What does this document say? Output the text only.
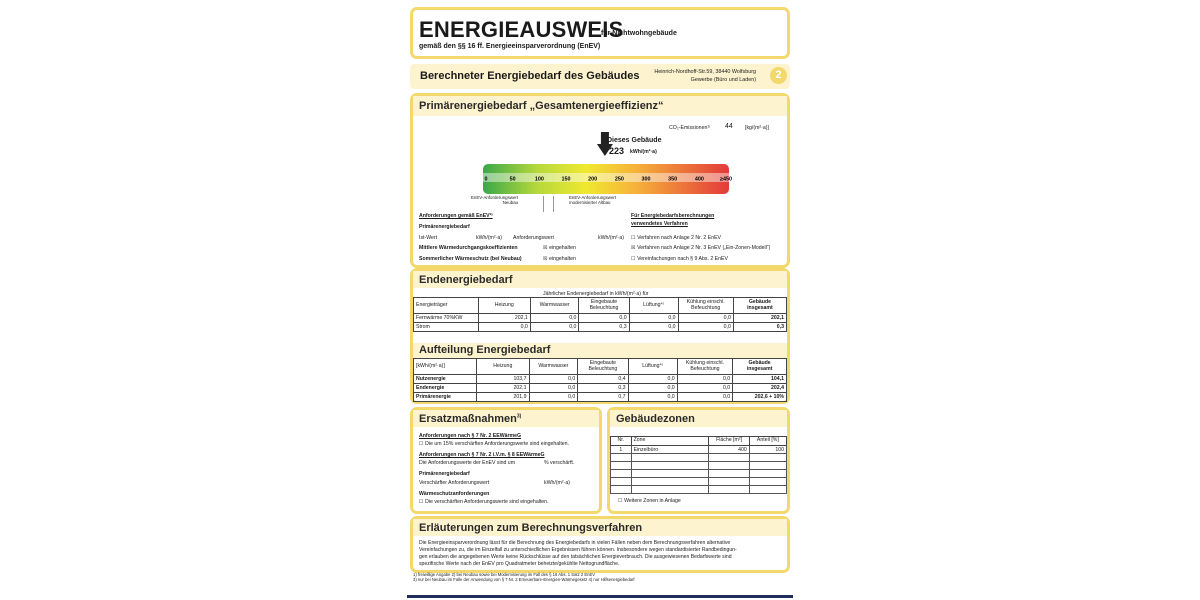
ENERGIEAUSWEIS
für Nichtwohngebäude
gemäß den §§ 16 ff. Energieeinsparverordnung (EnEV)
Berechneter Energiebedarf des Gebäudes	Heinrich-Nordhoff-Str.59, 38440 Wolfsburg
Gewerbe (Büro und Laden)	2
Primärenergiebedarf „Gesamtenergieeffizienz“
CO₂-Emissionen¹⁾ 44 [kg/(m²·a)]
0	50	100	150	200	250	300	350	400	≥450
Dieses Gebäude
223 kWh/(m²·a)
EnEV-Anforderungswert
Neubau
EnEV-Anforderungswert
modernisierter Altbau
Anforderungen gemäß EnEV²⁾
Primärenergiebedarf
Ist-Wert	kWh/(m²·a) Anforderungswert	kWh/(m²·a)
Mittlere Wärmedurchgangskoeffizienten	☒ eingehalten
Sommerlicher Wärmeschutz (bei Neubau)	☒ eingehalten
Für Energiebedarfsberechnungen
verwendetes Verfahren
☐ Verfahren nach Anlage 2 Nr. 2 EnEV
☒ Verfahren nach Anlage 2 Nr. 3 EnEV („Ein-Zonen-Modell“)
☐ Vereinfachungen nach § 9 Abs. 2 EnEV
Endenergiebedarf
Jährlicher Endenergiebedarf in kWh/(m²·a) für
Energieträger	Heizung	Warmwasser	Eingebaute Beleuchtung	Lüftung⁴⁾	Kühlung einschl. Befeuchtung	Gebäude insgesamt
Fernwärme 70%KW	202,1	0,0	0,0	0,0	0,0	202,1
Strom	0,0	0,0	0,3	0,0	0,0	0,3
Aufteilung Energiebedarf
[kWh/(m²·a)]	Heizung	Warmwasser	Eingebaute Beleuchtung	Lüftung⁴⁾	Kühlung einschl. Befeuchtung	Gebäude insgesamt
Nutzenergie	103,7	0,0	0,4	0,0	0,0	104,1
Endenergie	202,1	0,0	0,3	0,0	0,0	202,4
Primärenergie	201,9	0,0	0,7	0,0	0,0	202,6 + 10%
Ersatzmaßnahmen$^{3)}$
Anforderungen nach § 7 Nr. 2 EEWärmeG
☐ Die um 15% verschärften Anforderungswerte sind eingehalten.
Anforderungen nach § 7 Nr. 2 i.V.m. § 8 EEWärmeG
Die Anforderungswerte der EnEV sind um	% verschärft.
Primärenergiebedarf
Verschärfter Anforderungswert	kWh/(m²·a)
Wärmeschutzanforderungen
☐ Die verschärften Anforderungswerte sind eingehalten.
Gebäudezonen
Nr.	Zone	Fläche [m²]	Anteil [%]
1	Einzelbüro	400	100

☐ Weitere Zonen in Anlage
Erläuterungen zum Berechnungsverfahren
Die Energieeinsparverordnung lässt für die Berechnung des Energiebedarfs in vielen Fällen neben dem Berechnungsverfahren alternative
Vereinfachungen zu, die im Einzelfall zu unterschiedlichen Ergebnissen führen können. Insbesondere wegen standardisierter Randbedingun-
gen erlauben die angegebenen Werte keine Rückschlüsse auf den tatsächlichen Energieverbrauch. Die ausgewiesenen Bedarfswerte sind
spezifische Werte nach der EnEV pro Quadratmeter beheizte/gekühlte Nettogrundfläche.
1) freiwillige Angabe 2) bei Neubau sowie bei Modernisierung im Fall des § 16 Abs. 1 Satz 2 EnEV
3) nur bei Neubau im Falle der Anwendung von § 7 Nr. 2 Erneuerbare-Energien-Wärmegesetz 4) nur Hilfsenergiebedarf
